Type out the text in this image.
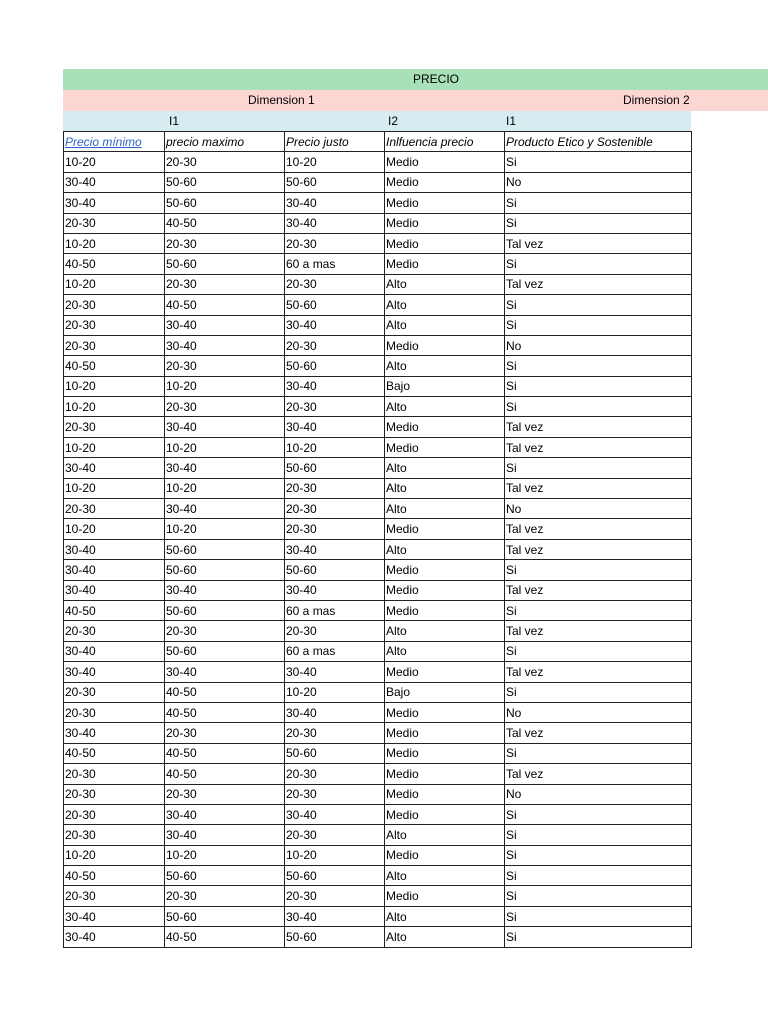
PRECIO
Dimension 1	Dimension 2
I1	I2	I1
Precio mínimo	precio maximo	Precio justo	Inlfuencia precio	Producto Etico y Sostenible
10-20	20-30	10-20	Medio	Si
30-40	50-60	50-60	Medio	No
30-40	50-60	30-40	Medio	Si
20-30	40-50	30-40	Medio	Si
10-20	20-30	20-30	Medio	Tal vez
40-50	50-60	60 a mas	Medio	Si
10-20	20-30	20-30	Alto	Tal vez
20-30	40-50	50-60	Alto	Si
20-30	30-40	30-40	Alto	Si
20-30	30-40	20-30	Medio	No
40-50	20-30	50-60	Alto	Si
10-20	10-20	30-40	Bajo	Si
10-20	20-30	20-30	Alto	Si
20-30	30-40	30-40	Medio	Tal vez
10-20	10-20	10-20	Medio	Tal vez
30-40	30-40	50-60	Alto	Si
10-20	10-20	20-30	Alto	Tal vez
20-30	30-40	20-30	Alto	No
10-20	10-20	20-30	Medio	Tal vez
30-40	50-60	30-40	Alto	Tal vez
30-40	50-60	50-60	Medio	Si
30-40	30-40	30-40	Medio	Tal vez
40-50	50-60	60 a mas	Medio	Si
20-30	20-30	20-30	Alto	Tal vez
30-40	50-60	60 a mas	Alto	Si
30-40	30-40	30-40	Medio	Tal vez
20-30	40-50	10-20	Bajo	Si
20-30	40-50	30-40	Medio	No
30-40	20-30	20-30	Medio	Tal vez
40-50	40-50	50-60	Medio	Si
20-30	40-50	20-30	Medio	Tal vez
20-30	20-30	20-30	Medio	No
20-30	30-40	30-40	Medio	Si
20-30	30-40	20-30	Alto	Si
10-20	10-20	10-20	Medio	Si
40-50	50-60	50-60	Alto	Si
20-30	20-30	20-30	Medio	Si
30-40	50-60	30-40	Alto	Si
30-40	40-50	50-60	Alto	Si
